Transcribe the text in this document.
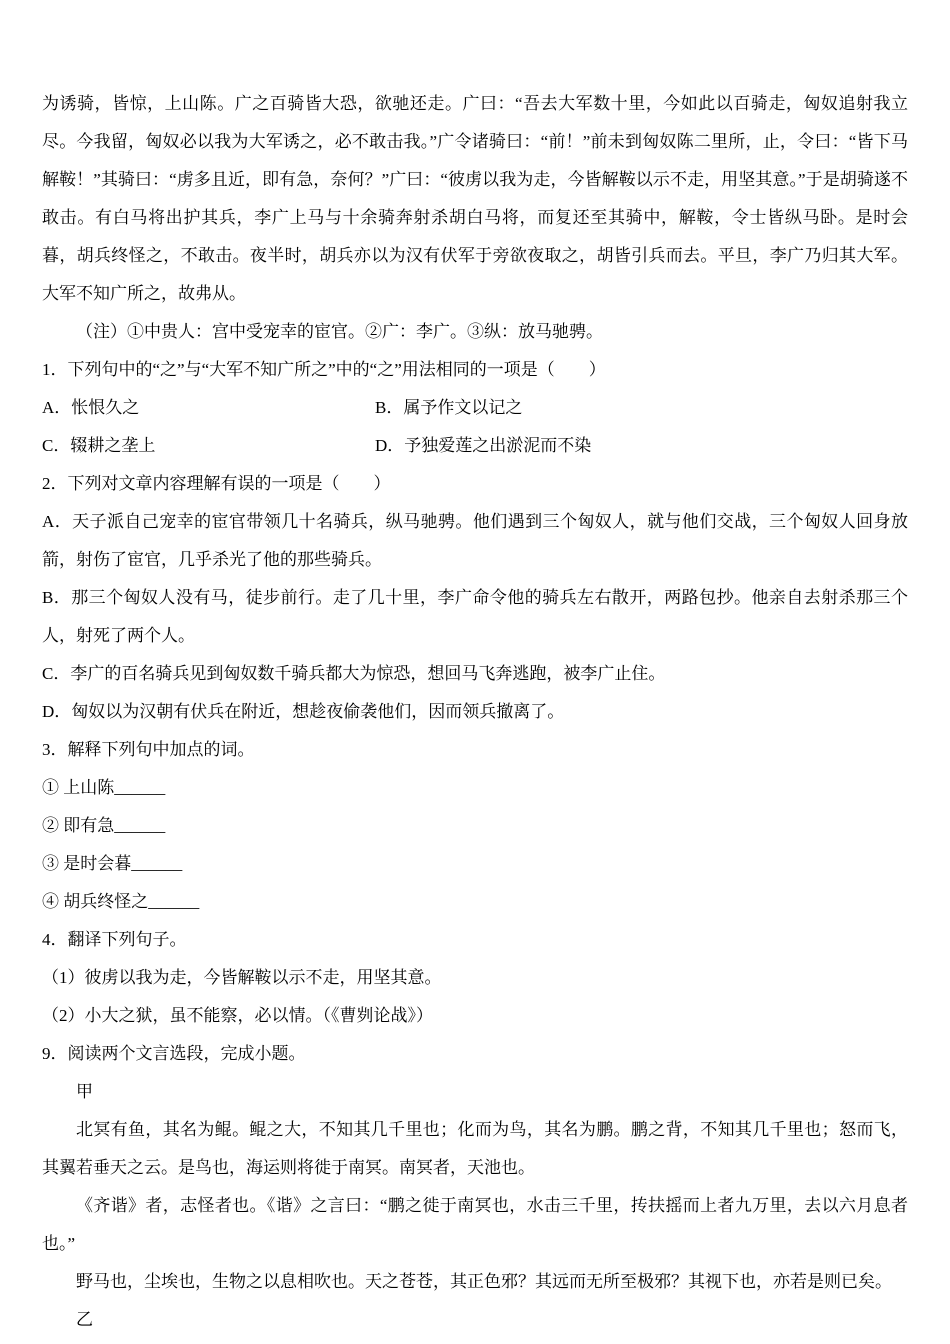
为诱骑，皆惊，上山陈。广之百骑皆大恐，欲驰还走。广曰：“吾去大军数十里，今如此以百骑走，匈奴追射我立尽。今我留，匈奴必以我为大军诱之，必不敢击我。”广令诸骑曰：“前！”前未到匈奴陈二里所，止，令曰：“皆下马解鞍！”其骑曰：“虏多且近，即有急，奈何？”广曰：“彼虏以我为走，今皆解鞍以示不走，用坚其意。”于是胡骑遂不敢击。有白马将出护其兵，李广上马与十余骑奔射杀胡白马将，而复还至其骑中，解鞍，令士皆纵马卧。是时会暮，胡兵终怪之，不敢击。夜半时，胡兵亦以为汉有伏军于旁欲夜取之，胡皆引兵而去。平旦，李广乃归其大军。大军不知广所之，故弗从。
（注）①中贵人：宫中受宠幸的宦官。②广：李广。③纵：放马驰骋。
1．下列句中的“之”与“大军不知广所之”中的“之”用法相同的一项是（　　）
A．怅恨久之	B．属予作文以记之
C．辍耕之垄上	D．予独爱莲之出淤泥而不染
2．下列对文章内容理解有误的一项是（　　）
A．天子派自己宠幸的宦官带领几十名骑兵，纵马驰骋。他们遇到三个匈奴人，就与他们交战，三个匈奴人回身放箭，射伤了宦官，几乎杀光了他的那些骑兵。
B．那三个匈奴人没有马，徒步前行。走了几十里，李广命令他的骑兵左右散开，两路包抄。他亲自去射杀那三个人，射死了两个人。
C．李广的百名骑兵见到匈奴数千骑兵都大为惊恐，想回马飞奔逃跑，被李广止住。
D．匈奴以为汉朝有伏兵在附近，想趁夜偷袭他们，因而领兵撤离了。
3．解释下列句中加点的词。
① 上山陈______
② 即有急______
③ 是时会暮______
④ 胡兵终怪之______
4．翻译下列句子。
（1）彼虏以我为走，今皆解鞍以示不走，用坚其意。
（2）小大之狱，虽不能察，必以情。（《曹刿论战》）
9．阅读两个文言选段，完成小题。
甲
北冥有鱼，其名为鲲。鲲之大，不知其几千里也；化而为鸟，其名为鹏。鹏之背，不知其几千里也；怒而飞，其翼若垂天之云。是鸟也，海运则将徙于南冥。南冥者，天池也。
《齐谐》者，志怪者也。《谐》之言曰：“鹏之徙于南冥也，水击三千里，抟扶摇而上者九万里，去以六月息者也。”
野马也，尘埃也，生物之以息相吹也。天之苍苍，其正色邪？其远而无所至极邪？其视下也，亦若是则已矣。
乙
